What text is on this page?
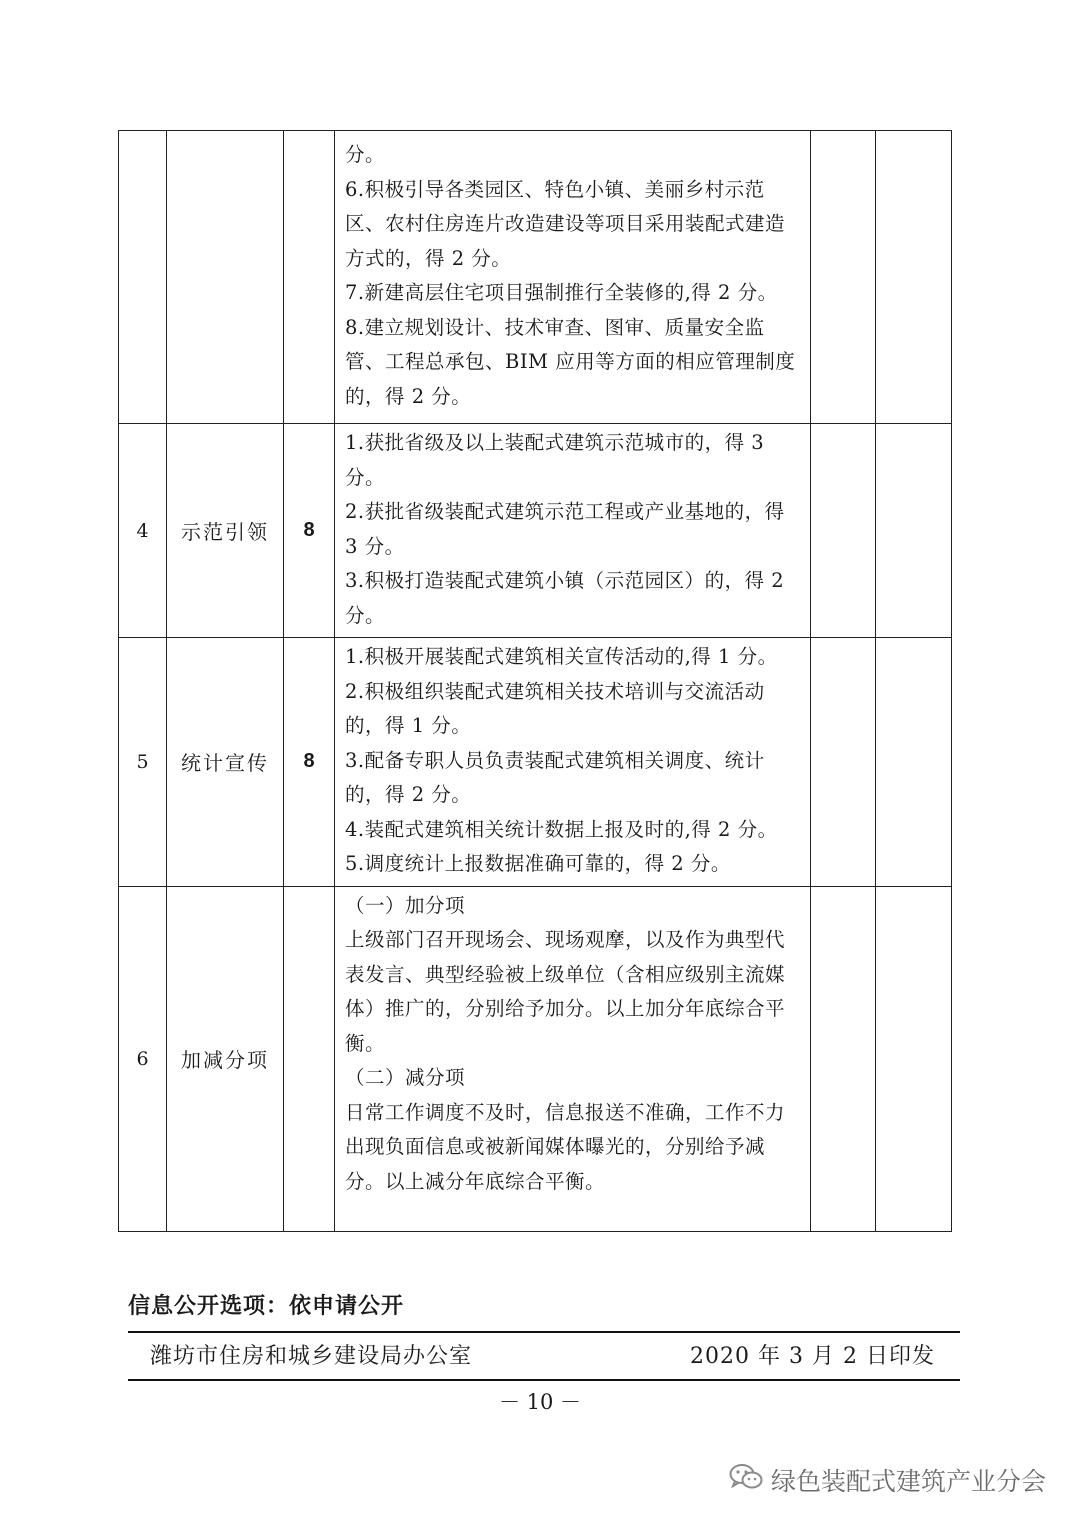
			分。

6.积极引导各类园区、特色小镇、美丽乡村示范区、农村住房连片改造建设等项目采用装配式建造方式的，得 2 分。

7.新建高层住宅项目强制推行全装修的,得 2 分。

8.建立规划设计、技术审查、图审、质量安全监管、工程总承包、BIM 应用等方面的相应管理制度的，得 2 分。		

4	示范引领	8	1.获批省级及以上装配式建筑示范城市的，得 3 分。

2.获批省级装配式建筑示范工程或产业基地的，得 3 分。

3.积极打造装配式建筑小镇（示范园区）的，得 2 分。		

5	统计宣传	8	1.积极开展装配式建筑相关宣传活动的,得 1 分。

2.积极组织装配式建筑相关技术培训与交流活动的，得 1 分。

3.配备专职人员负责装配式建筑相关调度、统计的，得 2 分。

4.装配式建筑相关统计数据上报及时的,得 2 分。

5.调度统计上报数据准确可靠的，得 2 分。		

6	加减分项		（一）加分项

上级部门召开现场会、现场观摩，以及作为典型代表发言、典型经验被上级单位（含相应级别主流媒体）推广的，分别给予加分。以上加分年底综合平衡。

（二）减分项

日常工作调度不及时，信息报送不准确，工作不力出现负面信息或被新闻媒体曝光的，分别给予减分。以上减分年底综合平衡。		

信息公开选项：依申请公开
潍坊市住房和城乡建设局办公室	2020 年 3 月 2 日印发
－ 10 －
绿色装配式建筑产业分会
